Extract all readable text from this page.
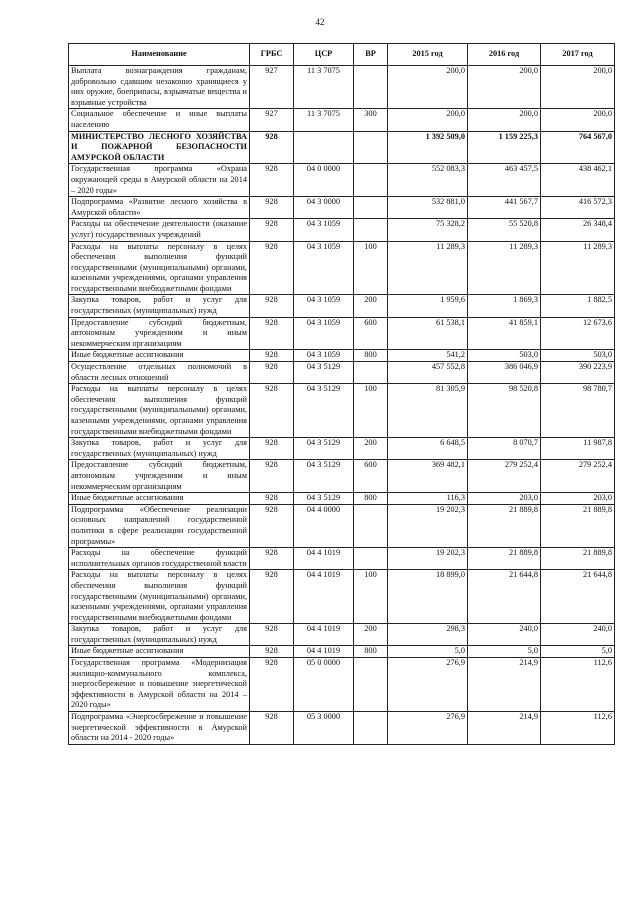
42
Наименование	ГРБС	ЦСР	ВР	2015 год	2016 год	2017 год
Выплата вознаграждения гражданам, добровольно сдавшим незаконно хранящиеся у них оружие, боеприпасы, взрывчатые вещества и взрывные устройства	927	11 3 7075		200,0	200,0	200,0
Социальное обеспечение и иные выплаты населению	927	11 3 7075	300	200,0	200,0	200,0
МИНИСТЕРСТВО ЛЕСНОГО ХОЗЯЙСТВА И ПОЖАРНОЙ БЕЗОПАСНОСТИ АМУРСКОЙ ОБЛАСТИ	928			1 392 509,0	1 159 225,3	764 567,0
Государственная программа «Охрана окружающей среды в Амурской области на 2014 – 2020 годы»	928	04 0 0000		552 083,3	463 457,5	438 462,1
Подпрограмма «Развитие лесного хозяйства в Амурской области»	928	04 3 0000		532 881,0	441 567,7	416 572,3
Расходы на обеспечение деятельности (оказание услуг) государственных учреждений	928	04 3 1059		75 328,2	55 520,8	26 348,4
Расходы на выплаты персоналу в целях обеспечения выполнения функций государственными (муниципальными) органами, казенными учреждениями, органами управления государственными внебюджетными фондами	928	04 3 1059	100	11 289,3	11 289,3	11 289,3
Закупка товаров, работ и услуг для государственных (муниципальных) нужд	928	04 3 1059	200	1 959,6	1 869,3	1 882,5
Предоставление субсидий бюджетным, автономным учреждениям и иным некоммерческим организациям	928	04 3 1059	600	61 538,1	41 859,1	12 673,6
Иные бюджетные ассигнования	928	04 3 1059	800	541,2	503,0	503,0
Осуществление отдельных полномочий в области лесных отношений	928	04 3 5129		457 552,8	386 046,9	390 223,9
Расходы на выплаты персоналу в целях обеспечения выполнения функций государственными (муниципальными) органами, казенными учреждениями, органами управления государственными внебюджетными фондами	928	04 3 5129	100	81 305,9	98 520,8	98 780,7
Закупка товаров, работ и услуг для государственных (муниципальных) нужд	928	04 3 5129	200	6 648,5	8 070,7	11 987,8
Предоставление субсидий бюджетным, автономным учреждениям и иным некоммерческим организациям	928	04 3 5129	600	369 482,1	279 252,4	279 252,4
Иные бюджетные ассигнования	928	04 3 5129	800	116,3	203,0	203,0
Подпрограмма «Обеспечение реализации основных направлений государственной политики в сфере реализации государственной программы»	928	04 4 0000		19 202,3	21 889,8	21 889,8
Расходы на обеспечение функций исполнительных органов государственной власти	928	04 4 1019		19 202,3	21 889,8	21 889,8
Расходы на выплаты персоналу в целях обеспечения выполнения функций государственными (муниципальными) органами, казенными учреждениями, органами управления государственными внебюджетными фондами	928	04 4 1019	100	18 899,0	21 644,8	21 644,8
Закупка товаров, работ и услуг для государственных (муниципальных) нужд	928	04 4 1019	200	298,3	240,0	240,0
Иные бюджетные ассигнования	928	04 4 1019	800	5,0	5,0	5,0
Государственная программа «Модернизация жилищно-коммунального комплекса, энергосбережение и повышение энергетической эффективности в Амурской области на 2014 – 2020 годы»	928	05 0 0000		276,9	214,9	112,6
Подпрограмма «Энергосбережение и повышение энергетической эффективности в Амурской области на 2014 - 2020 годы»	928	05 3 0000		276,9	214,9	112,6
